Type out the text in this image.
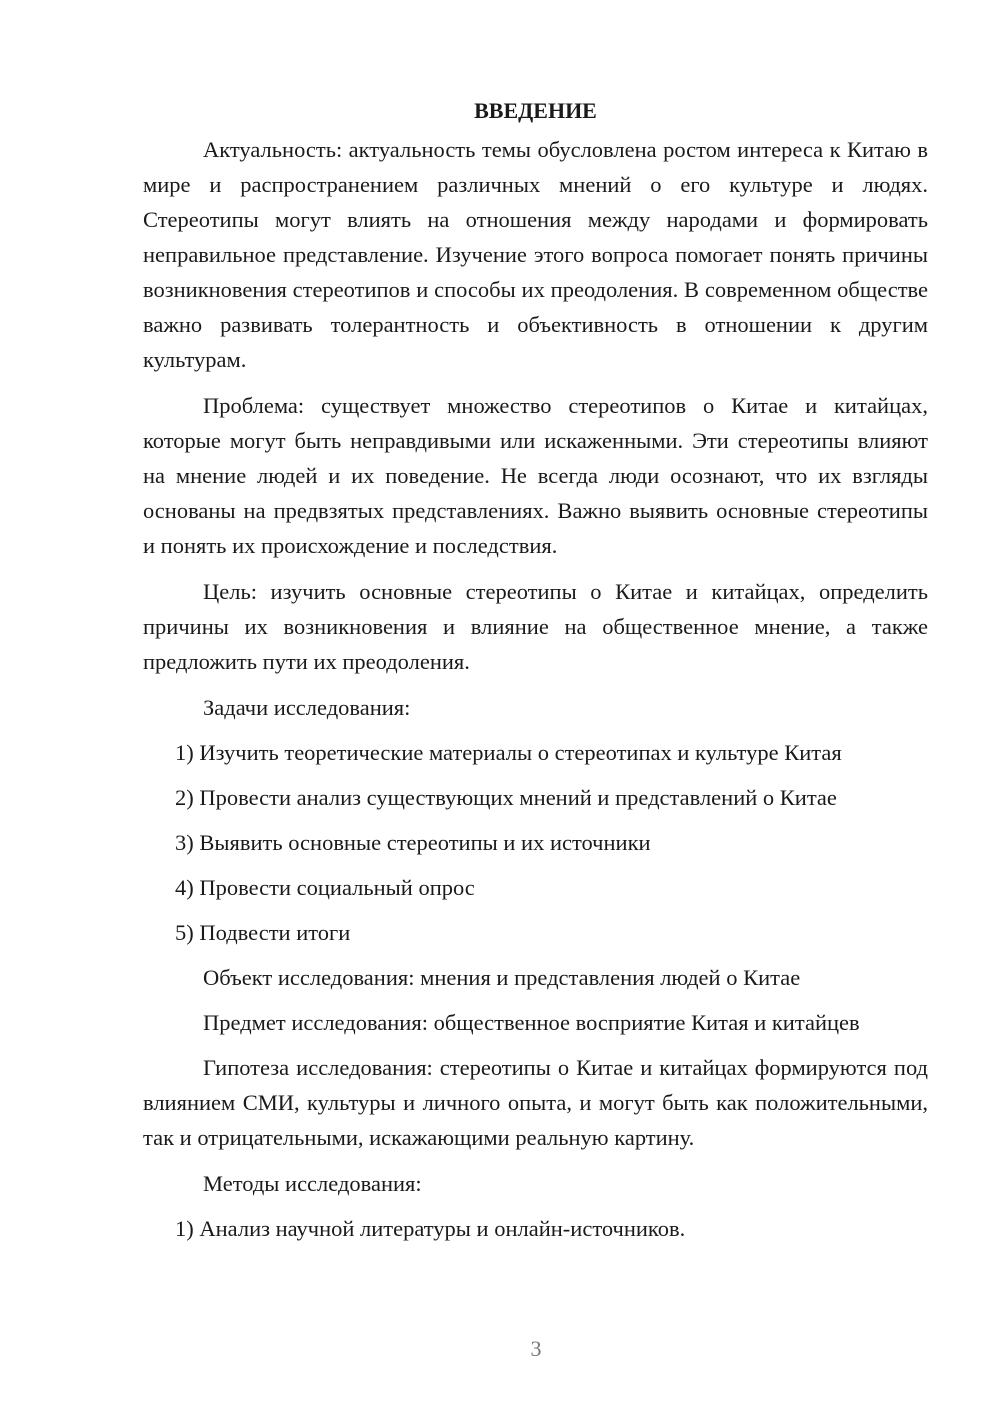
ВВЕДЕНИЕ

Актуальность: актуальность темы обусловлена ростом интереса к Китаю в мире и распространением различных мнений о его культуре и людях. Стереотипы могут влиять на отношения между народами и формировать неправильное представление. Изучение этого вопроса помогает понять причины возникновения стереотипов и способы их преодоления. В современном обществе важно развивать толерантность и объективность в отношении к другим культурам.

Проблема: существует множество стереотипов о Китае и китайцах, которые могут быть неправдивыми или искаженными. Эти стереотипы влияют на мнение людей и их поведение. Не всегда люди осознают, что их взгляды основаны на предвзятых представлениях. Важно выявить основные стереотипы и понять их происхождение и последствия.

Цель: изучить основные стереотипы о Китае и китайцах, определить причины их возникновения и влияние на общественное мнение, а также предложить пути их преодоления.

Задачи исследования:
1) Изучить теоретические материалы о стереотипах и культуре Китая
2) Провести анализ существующих мнений и представлений о Китае
3) Выявить основные стереотипы и их источники
4) Провести социальный опрос
5) Подвести итоги
Объект исследования: мнения и представления людей о Китае
Предмет исследования: общественное восприятие Китая и китайцев

Гипотеза исследования: стереотипы о Китае и китайцах формируются под влиянием СМИ, культуры и личного опыта, и могут быть как положительными, так и отрицательными, искажающими реальную картину.

Методы исследования:
1) Анализ научной литературы и онлайн-источников.
3
